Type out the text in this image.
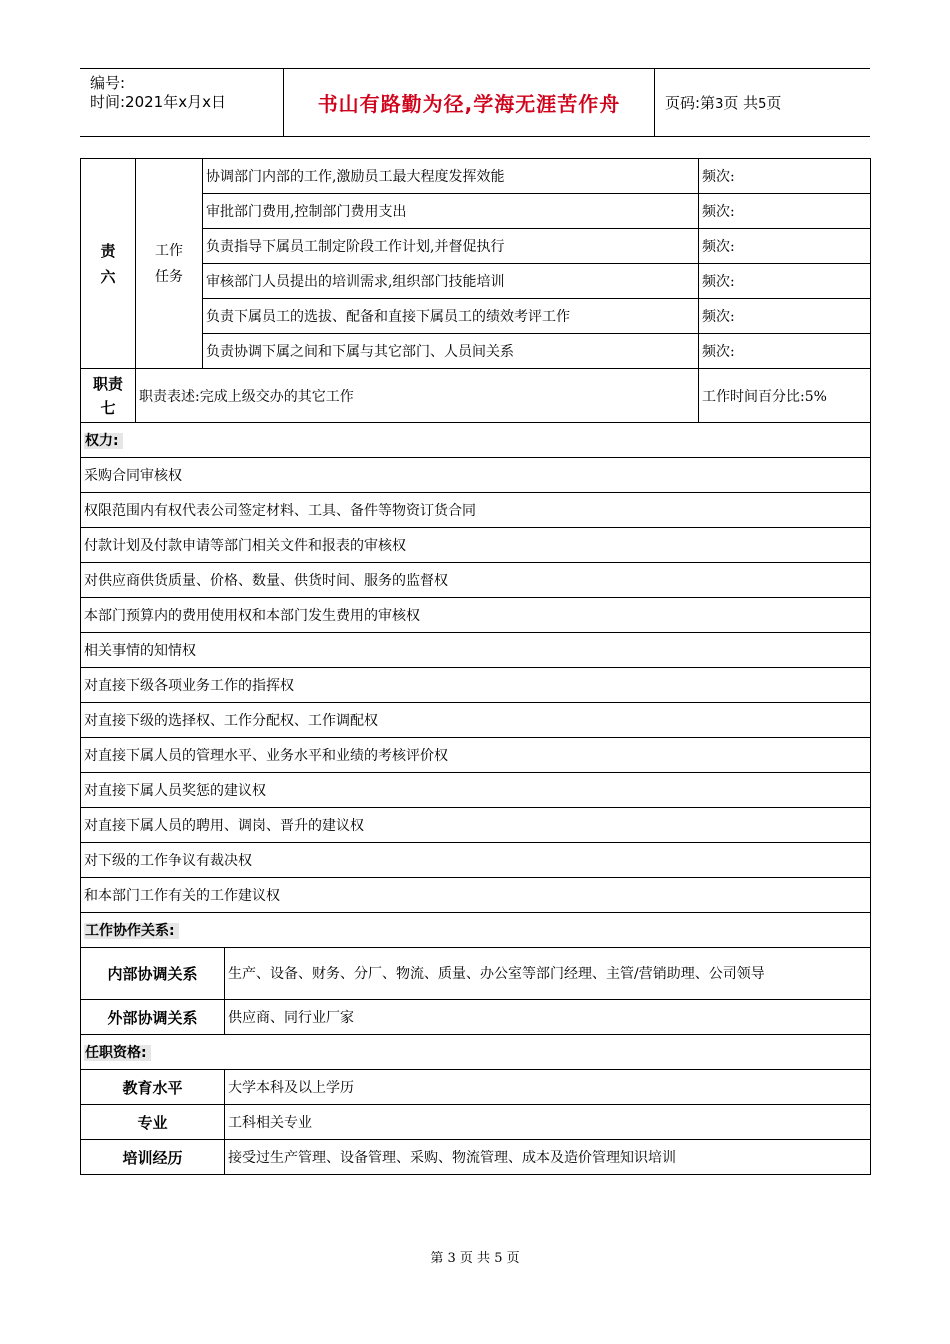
编号:
时间:2021年x月x日	书山有路勤为径,学海无涯苦作舟	页码:第3页 共5页
责六	工作任务	协调部门内部的工作,激励员工最大程度发挥效能		频次:
		审批部门费用,控制部门费用支出		频次:
		负责指导下属员工制定阶段工作计划,并督促执行		频次:
		审核部门人员提出的培训需求,组织部门技能培训		频次:
		负责下属员工的选拔、配备和直接下属员工的绩效考评工作		频次:
		负责协调下属之间和下属与其它部门、人员间关系		频次:
职责七	职责表述:完成上级交办的其它工作			工作时间百分比:5%
权力:				
采购合同审核权				
权限范围内有权代表公司签定材料、工具、备件等物资订货合同				
付款计划及付款申请等部门相关文件和报表的审核权				
对供应商供货质量、价格、数量、供货时间、服务的监督权				
本部门预算内的费用使用权和本部门发生费用的审核权				
相关事情的知情权				
对直接下级各项业务工作的指挥权				
对直接下级的选择权、工作分配权、工作调配权				
对直接下属人员的管理水平、业务水平和业绩的考核评价权				
对直接下属人员奖惩的建议权				
对直接下属人员的聘用、调岗、晋升的建议权				
对下级的工作争议有裁决权				
和本部门工作有关的工作建议权				
工作协作关系:				
内部协调关系			生产、设备、财务、分厂、物流、质量、办公室等部门经理、主管/营销助理、公司领导	
外部协调关系			供应商、同行业厂家	
任职资格:				
教育水平			大学本科及以上学历	
专业			工科相关专业	
培训经历			接受过生产管理、设备管理、采购、物流管理、成本及造价管理知识培训	
第 3 页 共 5 页
